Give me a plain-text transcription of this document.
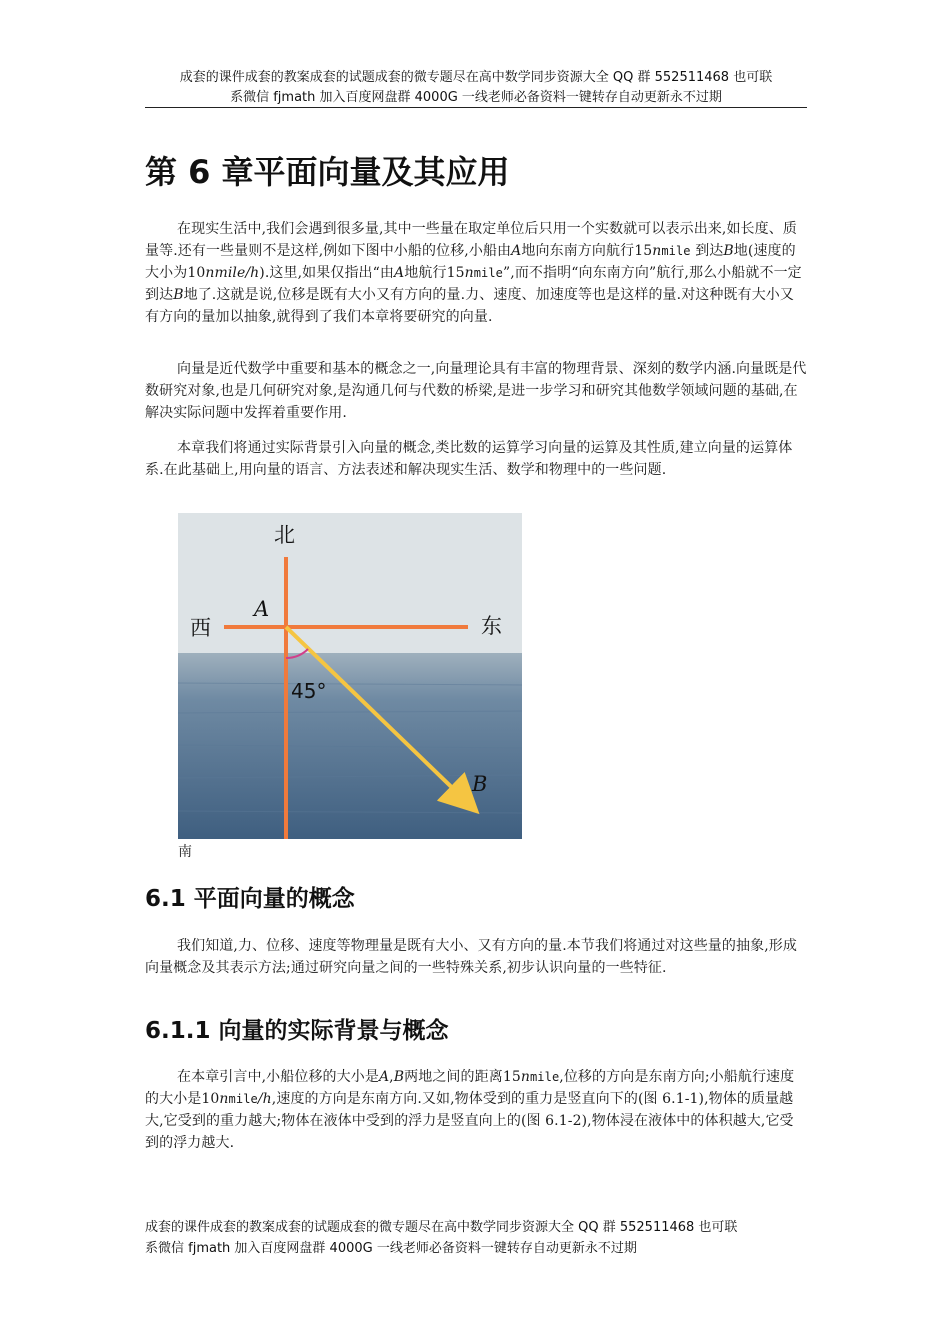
成套的课件成套的教案成套的试题成套的微专题尽在高中数学同步资源大全 QQ 群 552511468 也可联
系微信 fjmath 加入百度网盘群 4000G 一线老师必备资料一键转存自动更新永不过期
第 6 章平面向量及其应用

在现实生活中,我们会遇到很多量,其中一些量在取定单位后只用一个实数就可以表示出来,如长度、质量等.还有一些量则不是这样,例如下图中小船的位移,小船由A地向东南方向航行15nmile 到达B地(速度的大小为10nmile/h).这里,如果仅指出“由A地航行15nmile”,而不指明“向东南方向”航行,那么小船就不一定到达B地了.这就是说,位移是既有大小又有方向的量.力、速度、加速度等也是这样的量.对这种既有大小又有方向的量加以抽象,就得到了我们本章将要研究的向量.

向量是近代数学中重要和基本的概念之一,向量理论具有丰富的物理背景、深刻的数学内涵.向量既是代数研究对象,也是几何研究对象,是沟通几何与代数的桥梁,是进一步学习和研究其他数学领域问题的基础,在解决实际问题中发挥着重要作用.

本章我们将通过实际背景引入向量的概念,类比数的运算学习向量的运算及其性质,建立向量的运算体系.在此基础上,用向量的语言、方法表述和解决现实生活、数学和物理中的一些问题.

北
西	东
A
B
45°
南
6.1 平面向量的概念

我们知道,力、位移、速度等物理量是既有大小、又有方向的量.本节我们将通过对这些量的抽象,形成向量概念及其表示方法;通过研究向量之间的一些特殊关系,初步认识向量的一些特征.

6.1.1 向量的实际背景与概念

在本章引言中,小船位移的大小是A,B两地之间的距离15nmile,位移的方向是东南方向;小船航行速度的大小是10nmile/h,速度的方向是东南方向.又如,物体受到的重力是竖直向下的(图 6.1-1),物体的质量越大,它受到的重力越大;物体在液体中受到的浮力是竖直向上的(图 6.1-2),物体浸在液体中的体积越大,它受到的浮力越大.

成套的课件成套的教案成套的试题成套的微专题尽在高中数学同步资源大全 QQ 群 552511468 也可联
系微信 fjmath 加入百度网盘群 4000G 一线老师必备资料一键转存自动更新永不过期
